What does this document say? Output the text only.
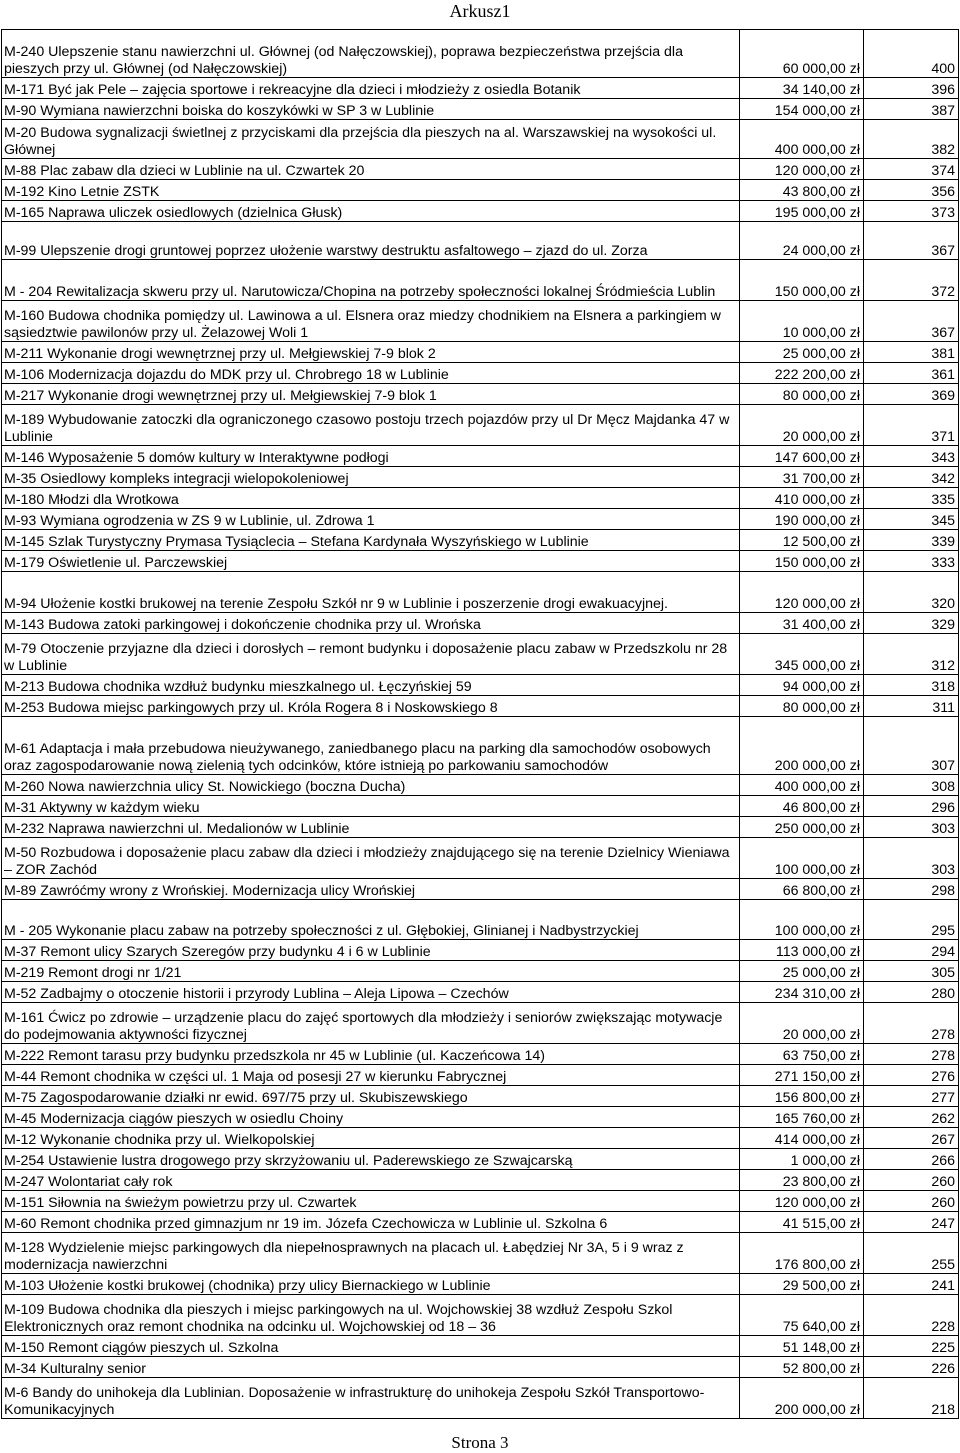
Arkusz1
M-240 Ulepszenie stanu nawierzchni ul. Głównej (od Nałęczowskiej), poprawa bezpieczeństwa przejścia dla pieszych przy ul. Głównej (od Nałęczowskiej)	60 000,00 zł	400
M-171 Być jak Pele – zajęcia sportowe i rekreacyjne dla dzieci i młodzieży z osiedla Botanik	34 140,00 zł	396
M-90 Wymiana nawierzchni boiska do koszykówki w SP 3 w Lublinie	154 000,00 zł	387
M-20 Budowa sygnalizacji świetlnej z przyciskami dla przejścia dla pieszych na al. Warszawskiej na wysokości ul. Głównej	400 000,00 zł	382
M-88 Plac zabaw dla dzieci w Lublinie na ul. Czwartek 20	120 000,00 zł	374
M-192 Kino Letnie ZSTK	43 800,00 zł	356
M-165 Naprawa uliczek osiedlowych (dzielnica Głusk)	195 000,00 zł	373
M-99 Ulepszenie drogi gruntowej poprzez ułożenie warstwy destruktu asfaltowego – zjazd do ul. Zorza	24 000,00 zł	367
M - 204 Rewitalizacja skweru przy ul. Narutowicza/Chopina na potrzeby społeczności lokalnej Śródmieścia Lublin	150 000,00 zł	372
M-160 Budowa chodnika pomiędzy ul. Lawinowa a ul. Elsnera oraz miedzy chodnikiem na Elsnera a parkingiem w sąsiedztwie pawilonów przy ul. Żelazowej Woli 1	10 000,00 zł	367
M-211 Wykonanie drogi wewnętrznej przy ul. Mełgiewskiej 7-9 blok 2	25 000,00 zł	381
M-106 Modernizacja dojazdu do MDK przy ul. Chrobrego 18 w Lublinie	222 200,00 zł	361
M-217 Wykonanie drogi wewnętrznej przy ul. Mełgiewskiej 7-9 blok 1	80 000,00 zł	369
M-189 Wybudowanie zatoczki dla ograniczonego czasowo postoju trzech pojazdów przy ul Dr Męcz Majdanka 47 w Lublinie	20 000,00 zł	371
M-146 Wyposażenie 5 domów kultury w Interaktywne podłogi	147 600,00 zł	343
M-35 Osiedlowy kompleks integracji wielopokoleniowej	31 700,00 zł	342
M-180 Młodzi dla Wrotkowa	410 000,00 zł	335
M-93 Wymiana ogrodzenia w ZS 9 w Lublinie, ul. Zdrowa 1	190 000,00 zł	345
M-145 Szlak Turystyczny Prymasa Tysiąclecia – Stefana Kardynała Wyszyńskiego w Lublinie	12 500,00 zł	339
M-179 Oświetlenie ul. Parczewskiej	150 000,00 zł	333
M-94 Ułożenie kostki brukowej na terenie Zespołu Szkół nr 9 w Lublinie i poszerzenie drogi ewakuacyjnej.	120 000,00 zł	320
M-143 Budowa zatoki parkingowej i dokończenie chodnika przy ul. Wrońska	31 400,00 zł	329
M-79 Otoczenie przyjazne dla dzieci i dorosłych – remont budynku i doposażenie placu zabaw w Przedszkolu nr 28 w Lublinie	345 000,00 zł	312
M-213 Budowa chodnika wzdłuż budynku mieszkalnego ul. Łęczyńskiej 59	94 000,00 zł	318
M-253 Budowa miejsc parkingowych przy ul. Króla Rogera 8 i Noskowskiego 8	80 000,00 zł	311
M-61 Adaptacja i mała przebudowa nieużywanego, zaniedbanego placu na parking dla samochodów osobowych oraz zagospodarowanie nową zielenią tych odcinków, które istnieją po parkowaniu samochodów	200 000,00 zł	307
M-260 Nowa nawierzchnia ulicy St. Nowickiego (boczna Ducha)	400 000,00 zł	308
M-31 Aktywny w każdym wieku	46 800,00 zł	296
M-232 Naprawa nawierzchni ul. Medalionów w Lublinie	250 000,00 zł	303
M-50 Rozbudowa i doposażenie placu zabaw dla dzieci i młodzieży znajdującego się na terenie Dzielnicy Wieniawa – ZOR Zachód	100 000,00 zł	303
M-89 Zawróćmy wrony z Wrońskiej. Modernizacja ulicy Wrońskiej	66 800,00 zł	298
M - 205 Wykonanie placu zabaw na potrzeby społeczności z ul. Głębokiej, Glinianej i Nadbystrzyckiej	100 000,00 zł	295
M-37 Remont ulicy Szarych Szeregów przy budynku 4 i 6 w Lublinie	113 000,00 zł	294
M-219 Remont drogi nr 1/21	25 000,00 zł	305
M-52 Zadbajmy o otoczenie historii i przyrody Lublina – Aleja Lipowa – Czechów	234 310,00 zł	280
M-161 Ćwicz po zdrowie – urządzenie placu do zajęć sportowych dla młodzieży i seniorów zwiększając motywacje do podejmowania aktywności fizycznej	20 000,00 zł	278
M-222 Remont tarasu przy budynku przedszkola nr 45 w Lublinie (ul. Kaczeńcowa 14)	63 750,00 zł	278
M-44 Remont chodnika w części ul. 1 Maja od posesji 27 w kierunku Fabrycznej	271 150,00 zł	276
M-75 Zagospodarowanie działki nr ewid. 697/75 przy ul. Skubiszewskiego	156 800,00 zł	277
M-45 Modernizacja ciągów pieszych w osiedlu Choiny	165 760,00 zł	262
M-12 Wykonanie chodnika przy ul. Wielkopolskiej	414 000,00 zł	267
M-254 Ustawienie lustra drogowego przy skrzyżowaniu ul. Paderewskiego ze Szwajcarską	1 000,00 zł	266
M-247 Wolontariat cały rok	23 800,00 zł	260
M-151 Siłownia na świeżym powietrzu przy ul. Czwartek	120 000,00 zł	260
M-60 Remont chodnika przed gimnazjum nr 19 im. Józefa Czechowicza w Lublinie ul. Szkolna 6	41 515,00 zł	247
M-128 Wydzielenie miejsc parkingowych dla niepełnosprawnych na placach ul. Łabędziej Nr 3A, 5 i 9 wraz z modernizacja nawierzchni	176 800,00 zł	255
M-103 Ułożenie kostki brukowej (chodnika) przy ulicy Biernackiego w Lublinie	29 500,00 zł	241
M-109 Budowa chodnika dla pieszych i miejsc parkingowych na ul. Wojchowskiej 38 wzdłuż Zespołu Szkol Elektronicznych oraz remont chodnika na odcinku ul. Wojchowskiej od 18 – 36	75 640,00 zł	228
M-150 Remont ciągów pieszych ul. Szkolna	51 148,00 zł	225
M-34 Kulturalny senior	52 800,00 zł	226
M-6 Bandy do unihokeja dla Lublinian. Doposażenie w infrastrukturę do unihokeja Zespołu Szkół Transportowo-Komunikacyjnych	200 000,00 zł	218
Strona 3
